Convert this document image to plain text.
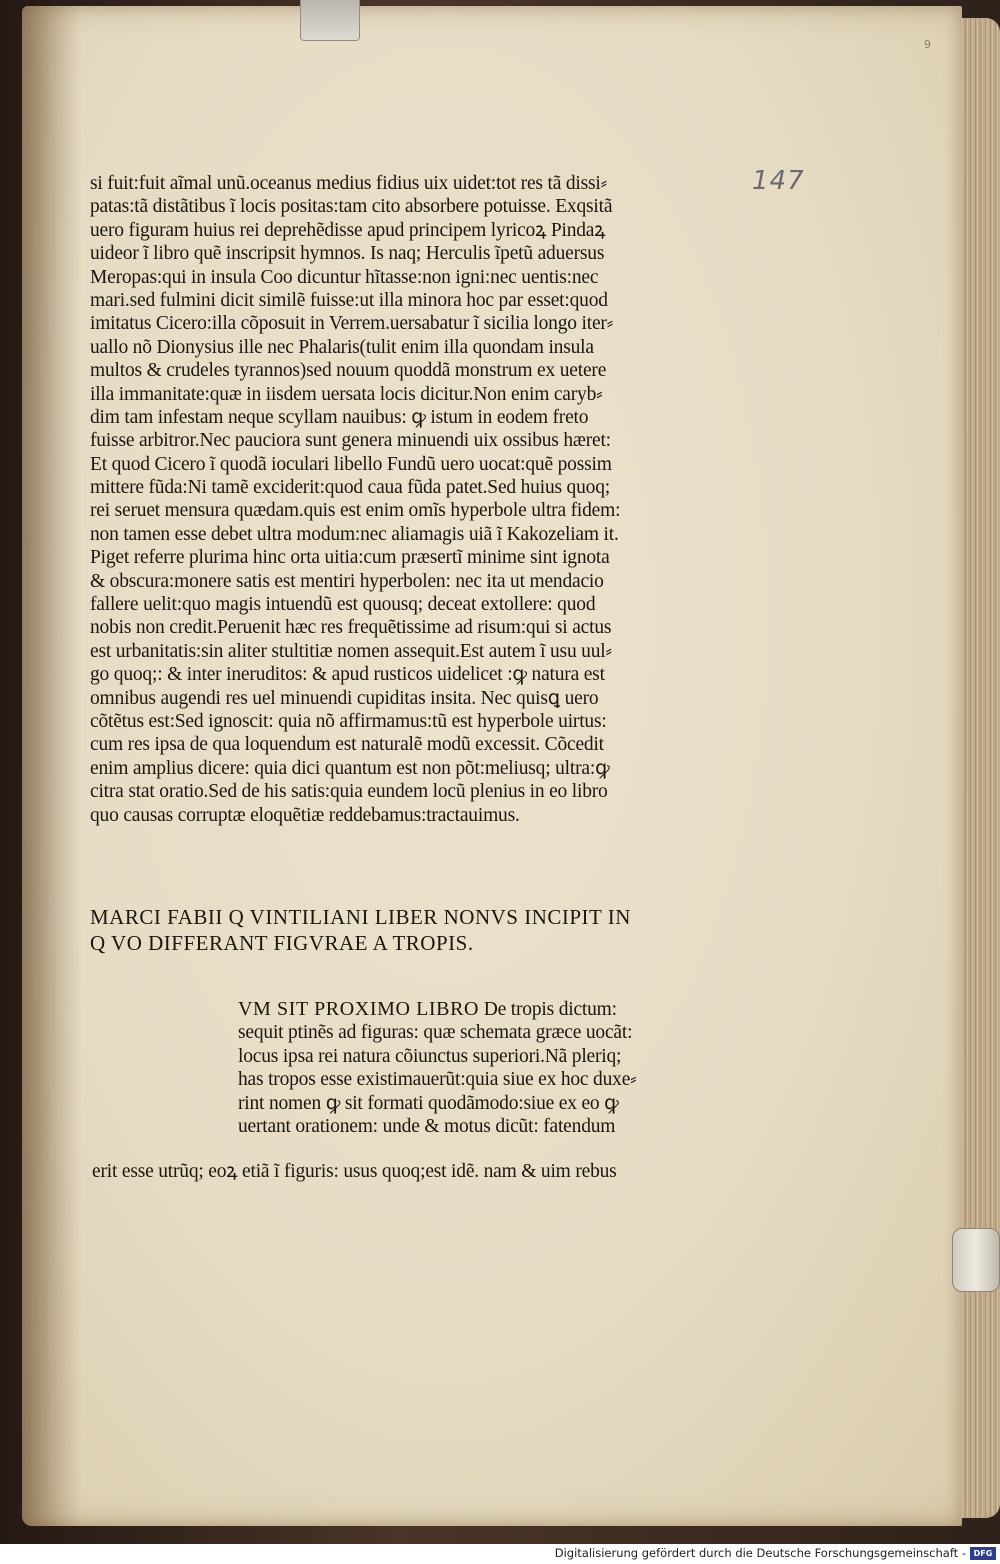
9
147
si fuit:fuit aĩmal unũ.oceanus medius fidius uix uidet:tot res tã dissi⸗
patas:tã distãtibus ĩ locis positas:tam cito absorbere potuisse. Exqsitã
uero figuram huius rei deprehẽdisse apud principem lyricoꝝ Pindaꝝ
uideor ĩ libro quẽ inscripsit hymnos. Is naq; Herculis ĩpetũ aduersus
Meropas:qui in insula Coo dicuntur hĩtasse:non igni:nec uentis:nec
mari.sed fulmini dicit similẽ fuisse:ut illa minora hoc par esset:quod
imitatus Cicero:illa cõposuit in Verrem.uersabatur ĩ sicilia longo iter⸗
uallo nõ Dionysius ille nec Phalaris(tulit enim illa quondam insula
multos & crudeles tyrannos)sed nouum quoddã monstrum ex uetere
illa immanitate:quæ in iisdem uersata locis dicitur.Non enim caryb⸗
dim tam infestam neque scyllam nauibus: ꝙ istum in eodem freto
fuisse arbitror.Nec pauciora sunt genera minuendi uix ossibus hæret:
Et quod Cicero ĩ quodã ioculari libello Fundũ uero uocat:quẽ possim
mittere fũda:Ni tamẽ exciderit:quod caua fũda patet.Sed huius quoq;
rei seruet mensura quædam.quis est enim omĩs hyperbole ultra fidem:
non tamen esse debet ultra modum:nec aliamagis uiã ĩ Kakozeliam it.
Piget referre plurima hinc orta uitia:cum præsertĩ minime sint ignota
& obscura:monere satis est mentiri hyperbolen: nec ita ut mendacio
fallere uelit:quo magis intuendũ est quousq; deceat extollere: quod
nobis non credit.Peruenit hæc res frequẽtissime ad risum:qui si actus
est urbanitatis:sin aliter stultitiæ nomen assequit.Est autem ĩ usu uul⸗
go quoq;: & inter ineruditos: & apud rusticos uidelicet :ꝙ natura est
omnibus augendi res uel minuendi cupiditas insita. Nec quisꝗ uero
cõtẽtus est:Sed ignoscit: quia nõ affirmamus:tũ est hyperbole uirtus:
cum res ipsa de qua loquendum est naturalẽ modũ excessit. Cõcedit
enim amplius dicere: quia dici quantum est non põt:meliusq; ultra:ꝙ
citra stat oratio.Sed de his satis:quia eundem locũ plenius in eo libro
quo causas corruptæ eloquẽtiæ reddebamus:tractauimus.
MARCI FABII Q VINTILIANI LIBER NONVS INCIPIT IN
Q VO DIFFERANT FIGVRAE A TROPIS.
VM SIT PROXIMO LIBRO De tropis dictum:
sequit ptinẽs ad figuras: quæ schemata græce uocãt:
locus ipsa rei natura cõiunctus superiori.Nã pleriq;
has tropos esse existimauerũt:quia siue ex hoc duxe⸗
rint nomen ꝙ sit formati quodãmodo:siue ex eo ꝙ
uertant orationem: unde & motus dicũt: fatendum
erit esse utrũq; eoꝝ etiã ĩ figuris: usus quoq;est idẽ. nam & uim rebus
Digitalisierung gefördert durch die Deutsche Forschungsgemeinschaft - DFG
